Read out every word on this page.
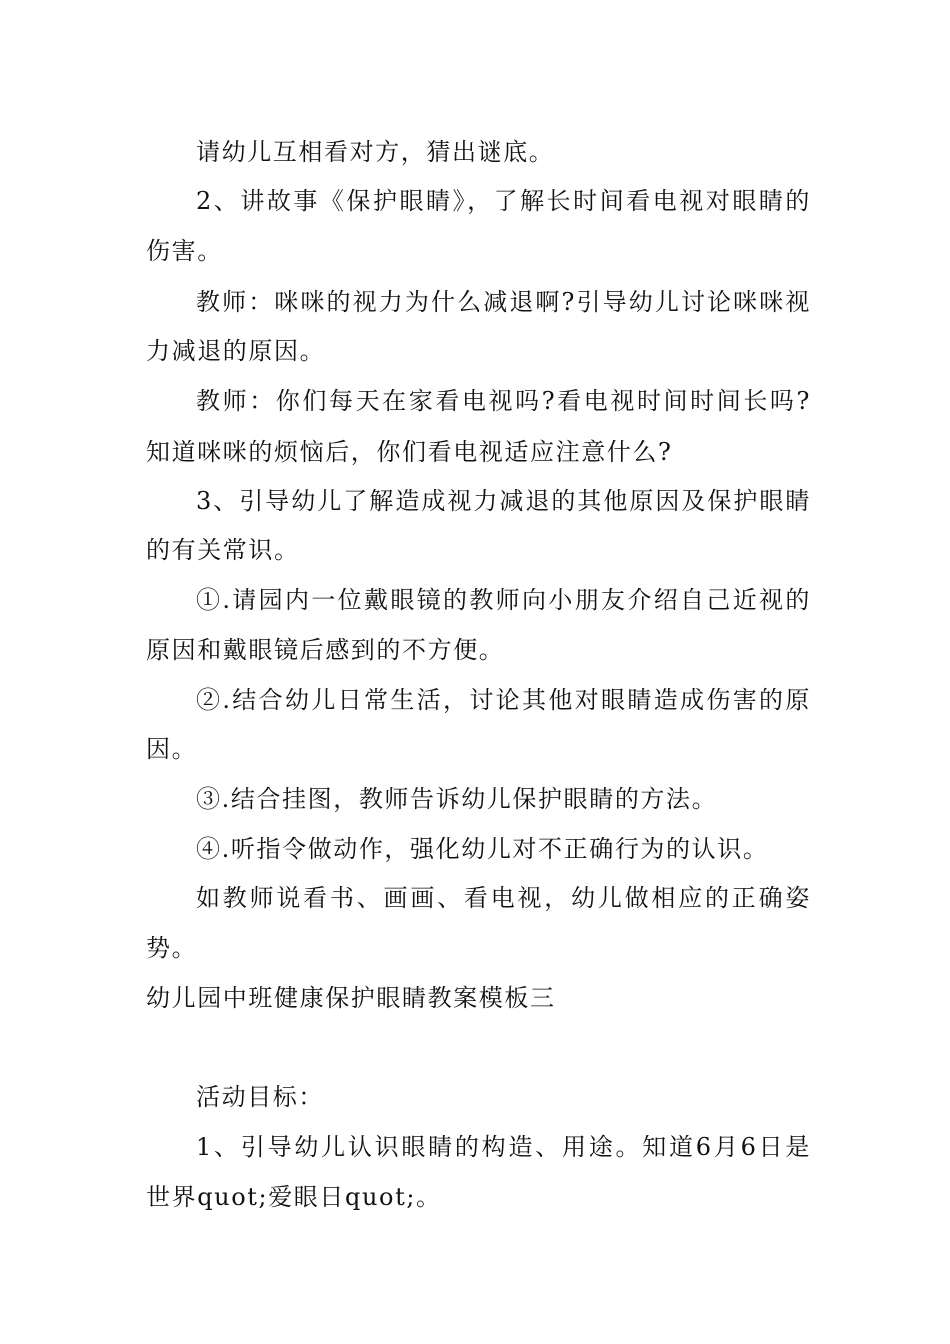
请幼儿互相看对方，猜出谜底。
2、讲故事《保护眼睛》，了解长时间看电视对眼睛的
伤害。
教师：咪咪的视力为什么减退啊?引导幼儿讨论咪咪视
力减退的原因。
教师：你们每天在家看电视吗?看电视时间时间长吗?
知道咪咪的烦恼后，你们看电视适应注意什么?
3、引导幼儿了解造成视力减退的其他原因及保护眼睛
的有关常识。
①.请园内一位戴眼镜的教师向小朋友介绍自己近视的
原因和戴眼镜后感到的不方便。
②.结合幼儿日常生活，讨论其他对眼睛造成伤害的原
因。
③.结合挂图，教师告诉幼儿保护眼睛的方法。
④.听指令做动作，强化幼儿对不正确行为的认识。
如教师说看书、画画、看电视，幼儿做相应的正确姿
势。
幼儿园中班健康保护眼睛教案模板三
活动目标：
1、引导幼儿认识眼睛的构造、用途。知道6月6日是
世界quot;爱眼日quot;。
